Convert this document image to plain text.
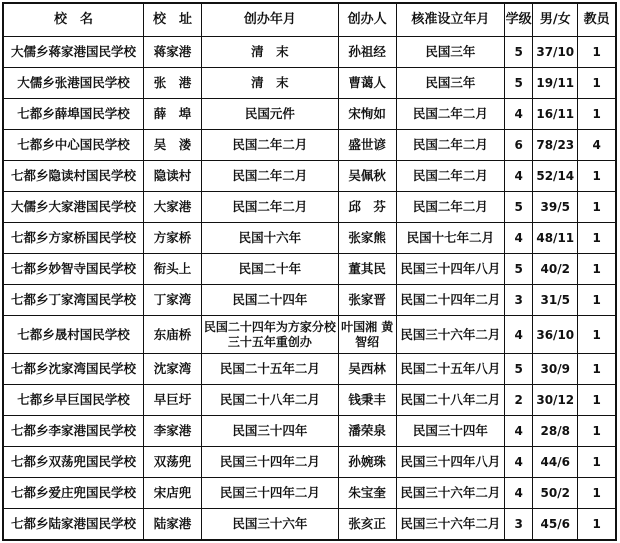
校　名	校　址	创办年月	创办人	核准设立年月	学级	男/女	教员
大儒乡蒋家港国民学校	蒋家港	清　末	孙祖经	民国三年	5	37/10	1
大儒乡张港国民学校	张　港	清　末	曹蔼人	民国三年	5	19/11	1
七都乡薛埠国民学校	薛　埠	民国元件	宋恂如	民国二年二月	4	16/11	1
七都乡中心国民学校	吴　溇	民国二年二月	盛世谚	民国二年二月	6	78/23	4
七都乡隐读村国民学校	隐读村	民国二年二月	吴佩秋	民国二年二月	4	52/14	1
大儒乡大家港国民学校	大家港	民国二年二月	邱　芬	民国二年二月	5	39/5	1
七都乡方家桥国民学校	方家桥	民国十六年	张家熊	民国十七年二月	4	48/11	1
七都乡妙智寺国民学校	衔头上	民国二十年	董其民	民国三十四年八月	5	40/2	1
七都乡丁家湾国民学校	丁家湾	民国二十四年	张家晋	民国二十四年二月	3	31/5	1
七都乡晟村国民学校	东庙桥	民国二十四年为方家分校三十五年重创办	叶国湘 黄智绍	民国三十六年二月	4	36/10	1
七都乡沈家湾国民学校	沈家湾	民国二十五年二月	吴西林	民国二十五年八月	5	30/9	1
七都乡早巨国民学校	早巨圩	民国二十八年二月	钱秉丰	民国二十八年二月	2	30/12	1
七都乡李家港国民学校	李家港	民国三十四年	潘荣泉	民国三十四年	4	28/8	1
七都乡双荡兜国民学校	双荡兜	民国三十四年二月	孙婉珠	民国三十四年八月	4	44/6	1
七都乡爱庄兜国民学校	宋店兜	民国三十四年二月	朱宝奎	民国三十六年二月	4	50/2	1
七都乡陆家港国民学校	陆家港	民国三十六年	张亥正	民国三十六年二月	3	45/6	1
